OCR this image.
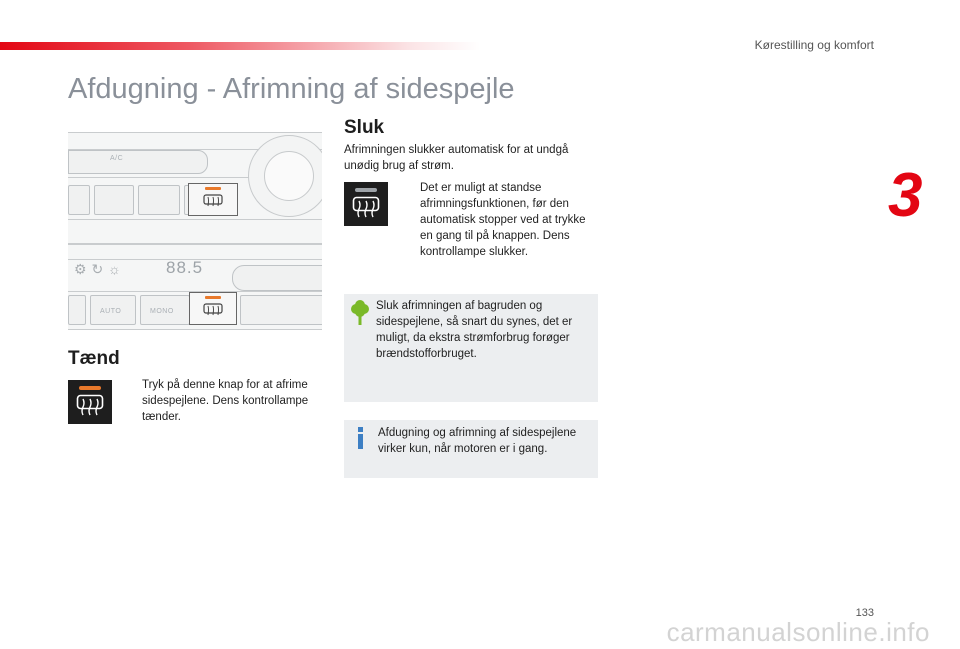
Kørestilling og komfort
3
Afdugning - Afrimning af sidespejle
A/C
88.5
⚙ ↻ ☼
AUTO	MONO
Tænd
Tryk på denne knap for at afrime sidespejlene. Dens kontrollampe tænder.
Sluk
Afrimningen slukker automatisk for at undgå unødig brug af strøm.
Det er muligt at standse afrimningsfunktionen, før den automatisk stopper ved at trykke en gang til på knappen. Dens kontrollampe slukker.
Sluk afrimningen af bagruden og sidespejlene, så snart du synes, det er muligt, da ekstra strømforbrug forøger brændstofforbruget.
Afdugning og afrimning af sidespejlene virker kun, når motoren er i gang.
133
carmanualsonline.info
